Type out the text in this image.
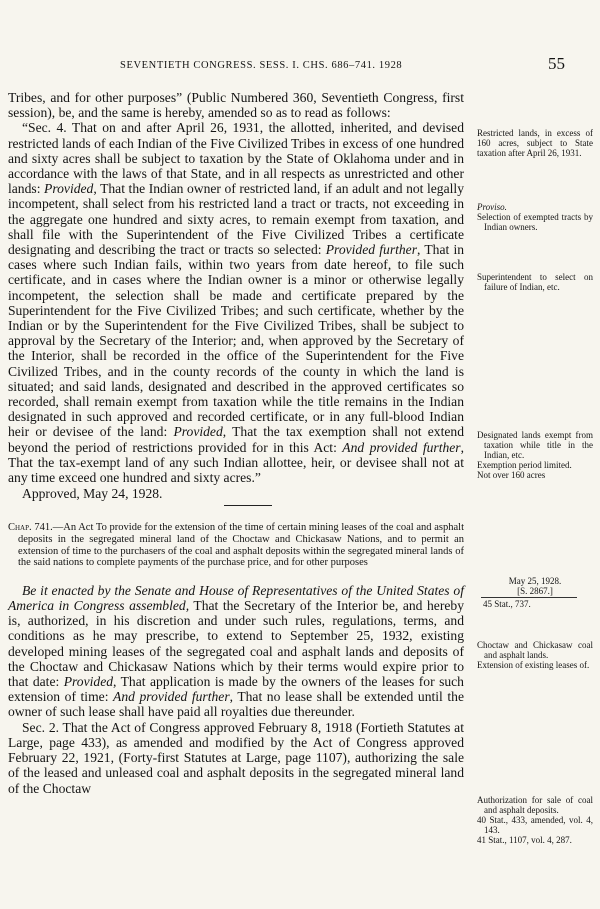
SEVENTIETH CONGRESS. SESS. I. CHS. 686–741. 1928	55

Tribes, and for other purposes” (Public Numbered 360, Seventieth Congress, first session), be, and the same is hereby, amended so as to read as follows:

“Sec. 4. That on and after April 26, 1931, the allotted, inherited, and devised restricted lands of each Indian of the Five Civilized Tribes in excess of one hundred and sixty acres shall be subject to taxation by the State of Oklahoma under and in accordance with the laws of that State, and in all respects as unrestricted and other lands: Provided, That the Indian owner of restricted land, if an adult and not legally incompetent, shall select from his restricted land a tract or tracts, not exceeding in the aggregate one hundred and sixty acres, to remain exempt from taxation, and shall file with the Superintendent of the Five Civilized Tribes a certificate designating and describing the tract or tracts so selected: Provided further, That in cases where such Indian fails, within two years from date hereof, to file such certificate, and in cases where the Indian owner is a minor or otherwise legally incompetent, the selection shall be made and certificate prepared by the Superintendent for the Five Civilized Tribes; and such certificate, whether by the Indian or by the Superintendent for the Five Civilized Tribes, shall be subject to approval by the Secretary of the Interior; and, when approved by the Secretary of the Interior, shall be recorded in the office of the Superintendent for the Five Civilized Tribes, and in the county records of the county in which the land is situated; and said lands, designated and described in the approved certificates so recorded, shall remain exempt from taxation while the title remains in the Indian designated in such approved and recorded certificate, or in any full-blood Indian heir or devisee of the land: Provided, That the tax exemption shall not extend beyond the period of restrictions provided for in this Act: And provided further, That the tax-exempt land of any such Indian allottee, heir, or devisee shall not at any time exceed one hundred and sixty acres.”

Approved, May 24, 1928.

Chap. 741.—An Act To provide for the extension of the time of certain mining leases of the coal and asphalt deposits in the segregated mineral land of the Choctaw and Chickasaw Nations, and to permit an extension of time to the purchasers of the coal and asphalt deposits within the segregated mineral lands of the said nations to complete payments of the purchase price, and for other purposes

Be it enacted by the Senate and House of Representatives of the United States of America in Congress assembled, That the Secretary of the Interior be, and hereby is, authorized, in his discretion and under such rules, regulations, terms, and conditions as he may prescribe, to extend to September 25, 1932, existing developed mining leases of the segregated coal and asphalt lands and deposits of the Choctaw and Chickasaw Nations which by their terms would expire prior to that date: Provided, That application is made by the owners of the leases for such extension of time: And provided further, That no lease shall be extended until the owner of such lease shall have paid all royalties due thereunder.

Sec. 2. That the Act of Congress approved February 8, 1918 (Fortieth Statutes at Large, page 433), as amended and modified by the Act of Congress approved February 22, 1921, (Forty-first Statutes at Large, page 1107), authorizing the sale of the leased and unleased coal and asphalt deposits in the segregated mineral land of the Choctaw

Restricted lands, in excess of 160 acres, subject to State taxation after April 26, 1931.

Proviso.

Selection of exempted tracts by Indian owners.

Superintendent to select on failure of Indian, etc.

Designated lands exempt from taxation while title in the Indian, etc.

Exemption period limited.

Not over 160 acres

May 25, 1928.

[S. 2867.]

45 Stat., 737.

Choctaw and Chickasaw coal and asphalt lands.

Extension of existing leases of.

Authorization for sale of coal and asphalt deposits.

40 Stat., 433, amended, vol. 4, 143.

41 Stat., 1107, vol. 4, 287.
